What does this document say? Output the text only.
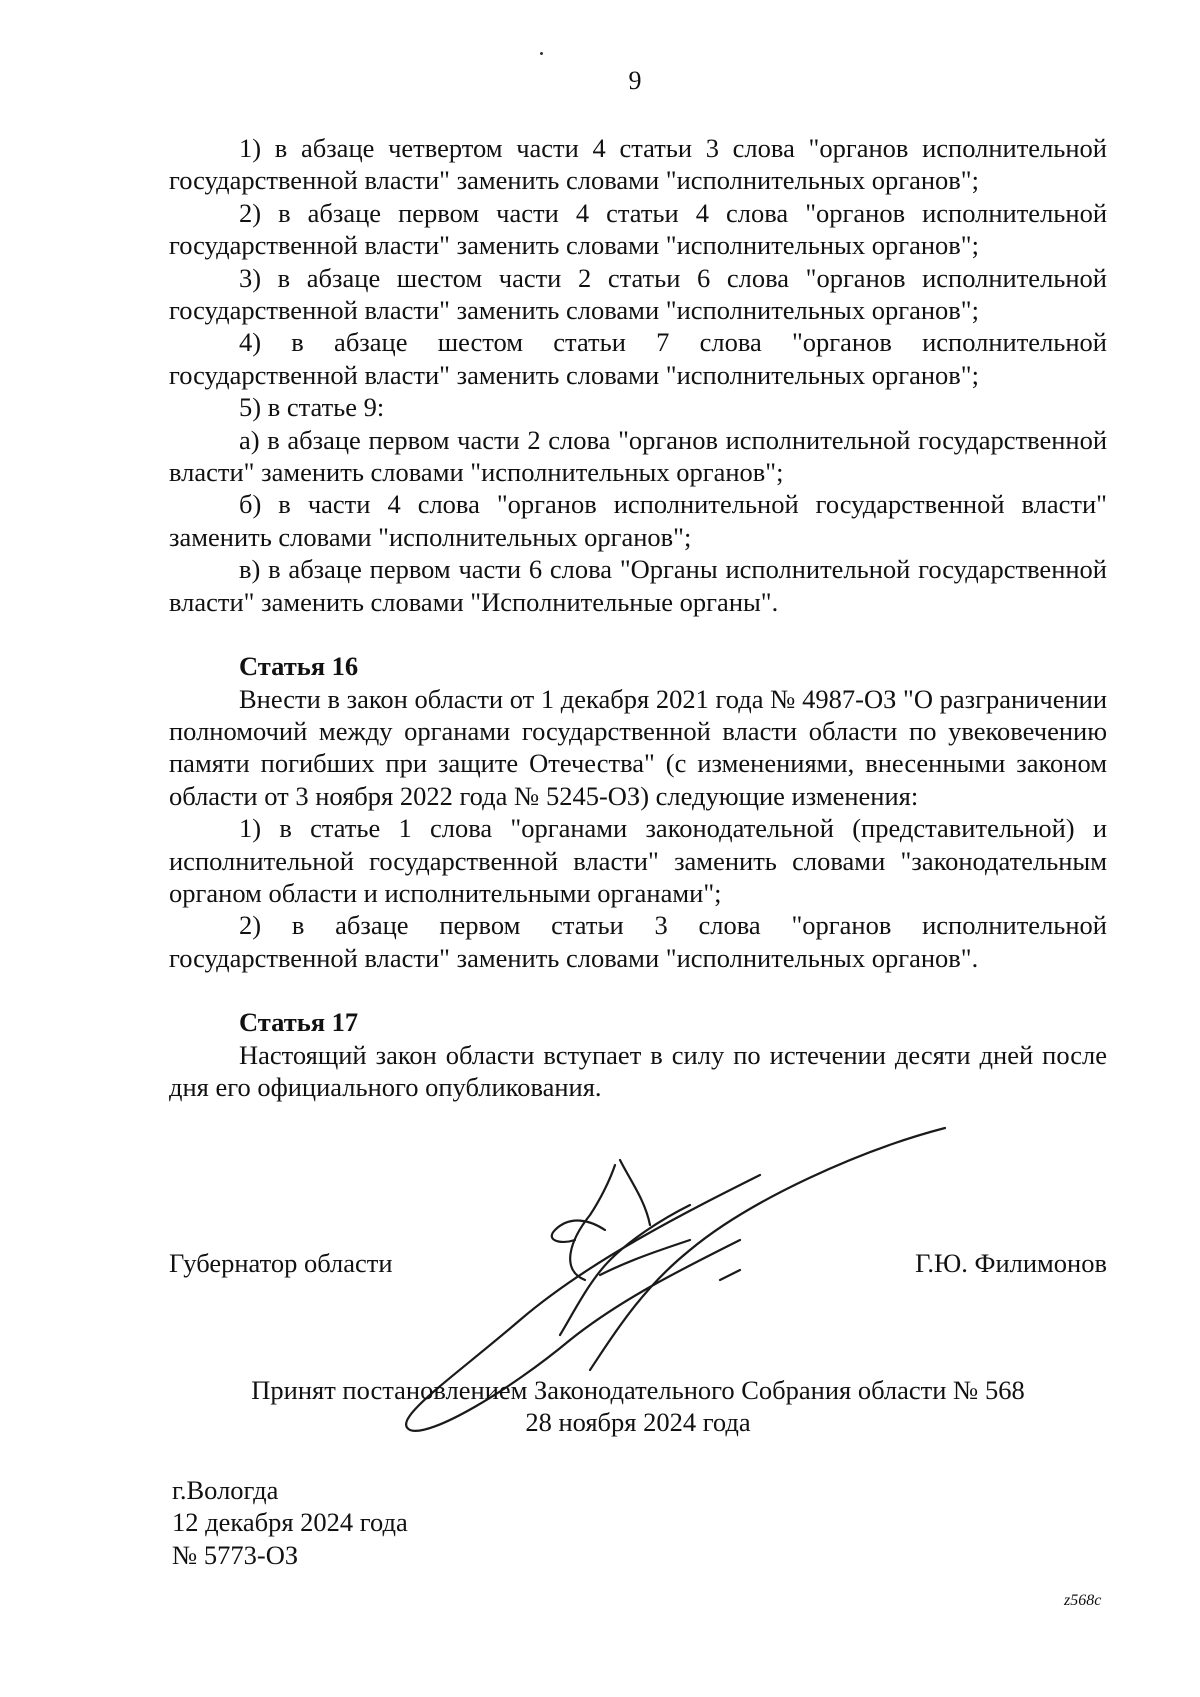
9

1) в абзаце четвертом части 4 статьи 3 слова "органов исполнительной государственной власти" заменить словами "исполнительных органов";

2) в абзаце первом части 4 статьи 4 слова "органов исполнительной государственной власти" заменить словами "исполнительных органов";

3) в абзаце шестом части 2 статьи 6 слова "органов исполнительной государственной власти" заменить словами "исполнительных органов";

4) в абзаце шестом статьи 7 слова "органов исполнительной государственной власти" заменить словами "исполнительных органов";

5) в статье 9:

а) в абзаце первом части 2 слова "органов исполнительной государственной власти" заменить словами "исполнительных органов";

б) в части 4 слова "органов исполнительной государственной власти" заменить словами "исполнительных органов";

в) в абзаце первом части 6 слова "Органы исполнительной государственной власти" заменить словами "Исполнительные органы".

Статья 16

Внести в закон области от 1 декабря 2021 года № 4987-ОЗ "О разграничении полномочий между органами государственной власти области по увековечению памяти погибших при защите Отечества" (с изменениями, внесенными законом области от 3 ноября 2022 года № 5245-ОЗ) следующие изменения:

1) в статье 1 слова "органами законодательной (представительной) и исполнительной государственной власти" заменить словами "законодательным органом области и исполнительными органами";

2) в абзаце первом статьи 3 слова "органов исполнительной государственной власти" заменить словами "исполнительных органов".

Статья 17

Настоящий закон области вступает в силу по истечении десяти дней после дня его официального опубликования.

Губернатор области	Г.Ю. Филимонов
Принят постановлением Законодательного Собрания области № 568
28 ноября 2024 года
г.Вологда
12 декабря 2024 года
№ 5773-ОЗ
z568c
